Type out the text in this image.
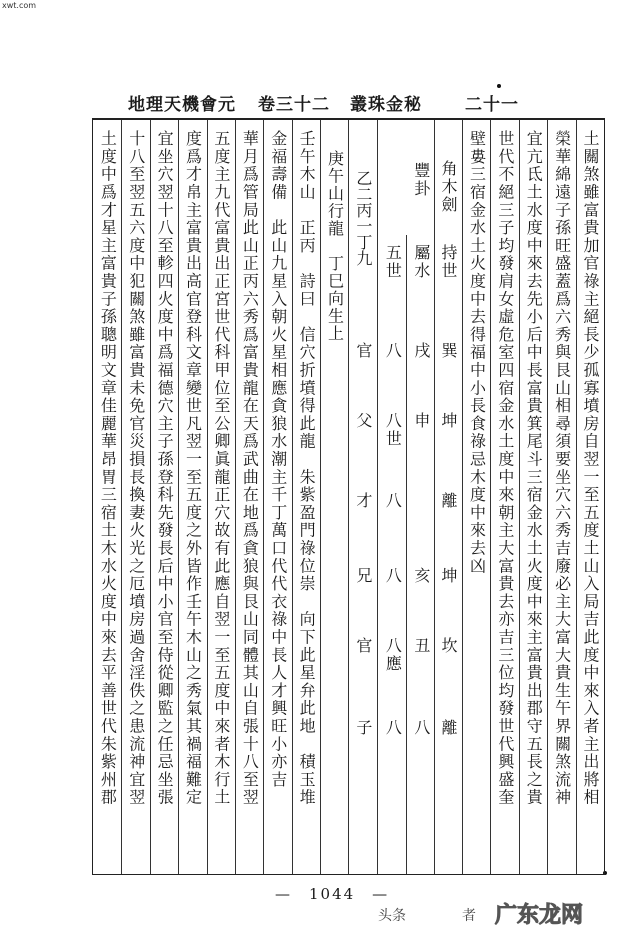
xwt.com
地理天機會元 卷三十二 叢珠金秘	二十一
土關煞雖富貴加官祿主絕長少孤寡墳房自翌一至五度土山入局吉此度中來入者主出將相
榮華綿遠子孫旺盛蓋爲六秀與艮山相尋須要坐穴六秀吉廢必主大富大貴生午界關煞流神
宜亢氐土水度中來去先小后中長富貴箕尾斗三宿金水土火度中來主富貴出郡守五長之貴
世代不絕三子均發肩女虛危室四宿金水土度中來朝主大富貴去亦吉三位均發世代興盛奎
壁婁三宿金水土火度中去得福中小長食祿忌木度中來去凶
角木劍
持世
巽
坤
離
坤
坎
離
豐卦
屬水
戌
申
亥
丑
八
五世
八
八世
八
八
八應
八
乙二丙一丁九
官
父
才
兄
官
子
庚午山行龍　丁巳向生上
壬午木山　正丙　詩曰　信穴折墳得此龍　朱紫盈門祿位崇　向下此星弁此地　積玉堆
金福壽備　此山九星入朝火星相應貪狼水潮主千丁萬口代代衣祿中長人才興旺小亦吉
華月爲管局此山正丙六秀爲富貴龍在天爲武曲在地爲貪狼與艮山同體其山自張十八至翌
五度主九代富貴出正宮世代科甲位至公卿眞龍正穴故有此應自翌一至五度中來者木行土
度爲才帛主富貴出高官登科文章變世凡翌一至五度之外皆作壬午木山之秀氣其禍福難定
宜坐穴翌十八至軫四火度中爲福德穴主子孫登科先發長后中小官至侍從卿監之任忌坐張
十八至翌五六度中犯關煞雖富貴未免官災損長換妻火光之厄墳房過舍淫佚之患流神宜翌
土度中爲才星主富貴子孫聰明文章佳麗華昂胃三宿土木水火度中來去平善世代朱紫州郡
—　1044　—
头条　　　　者 广东龙网
